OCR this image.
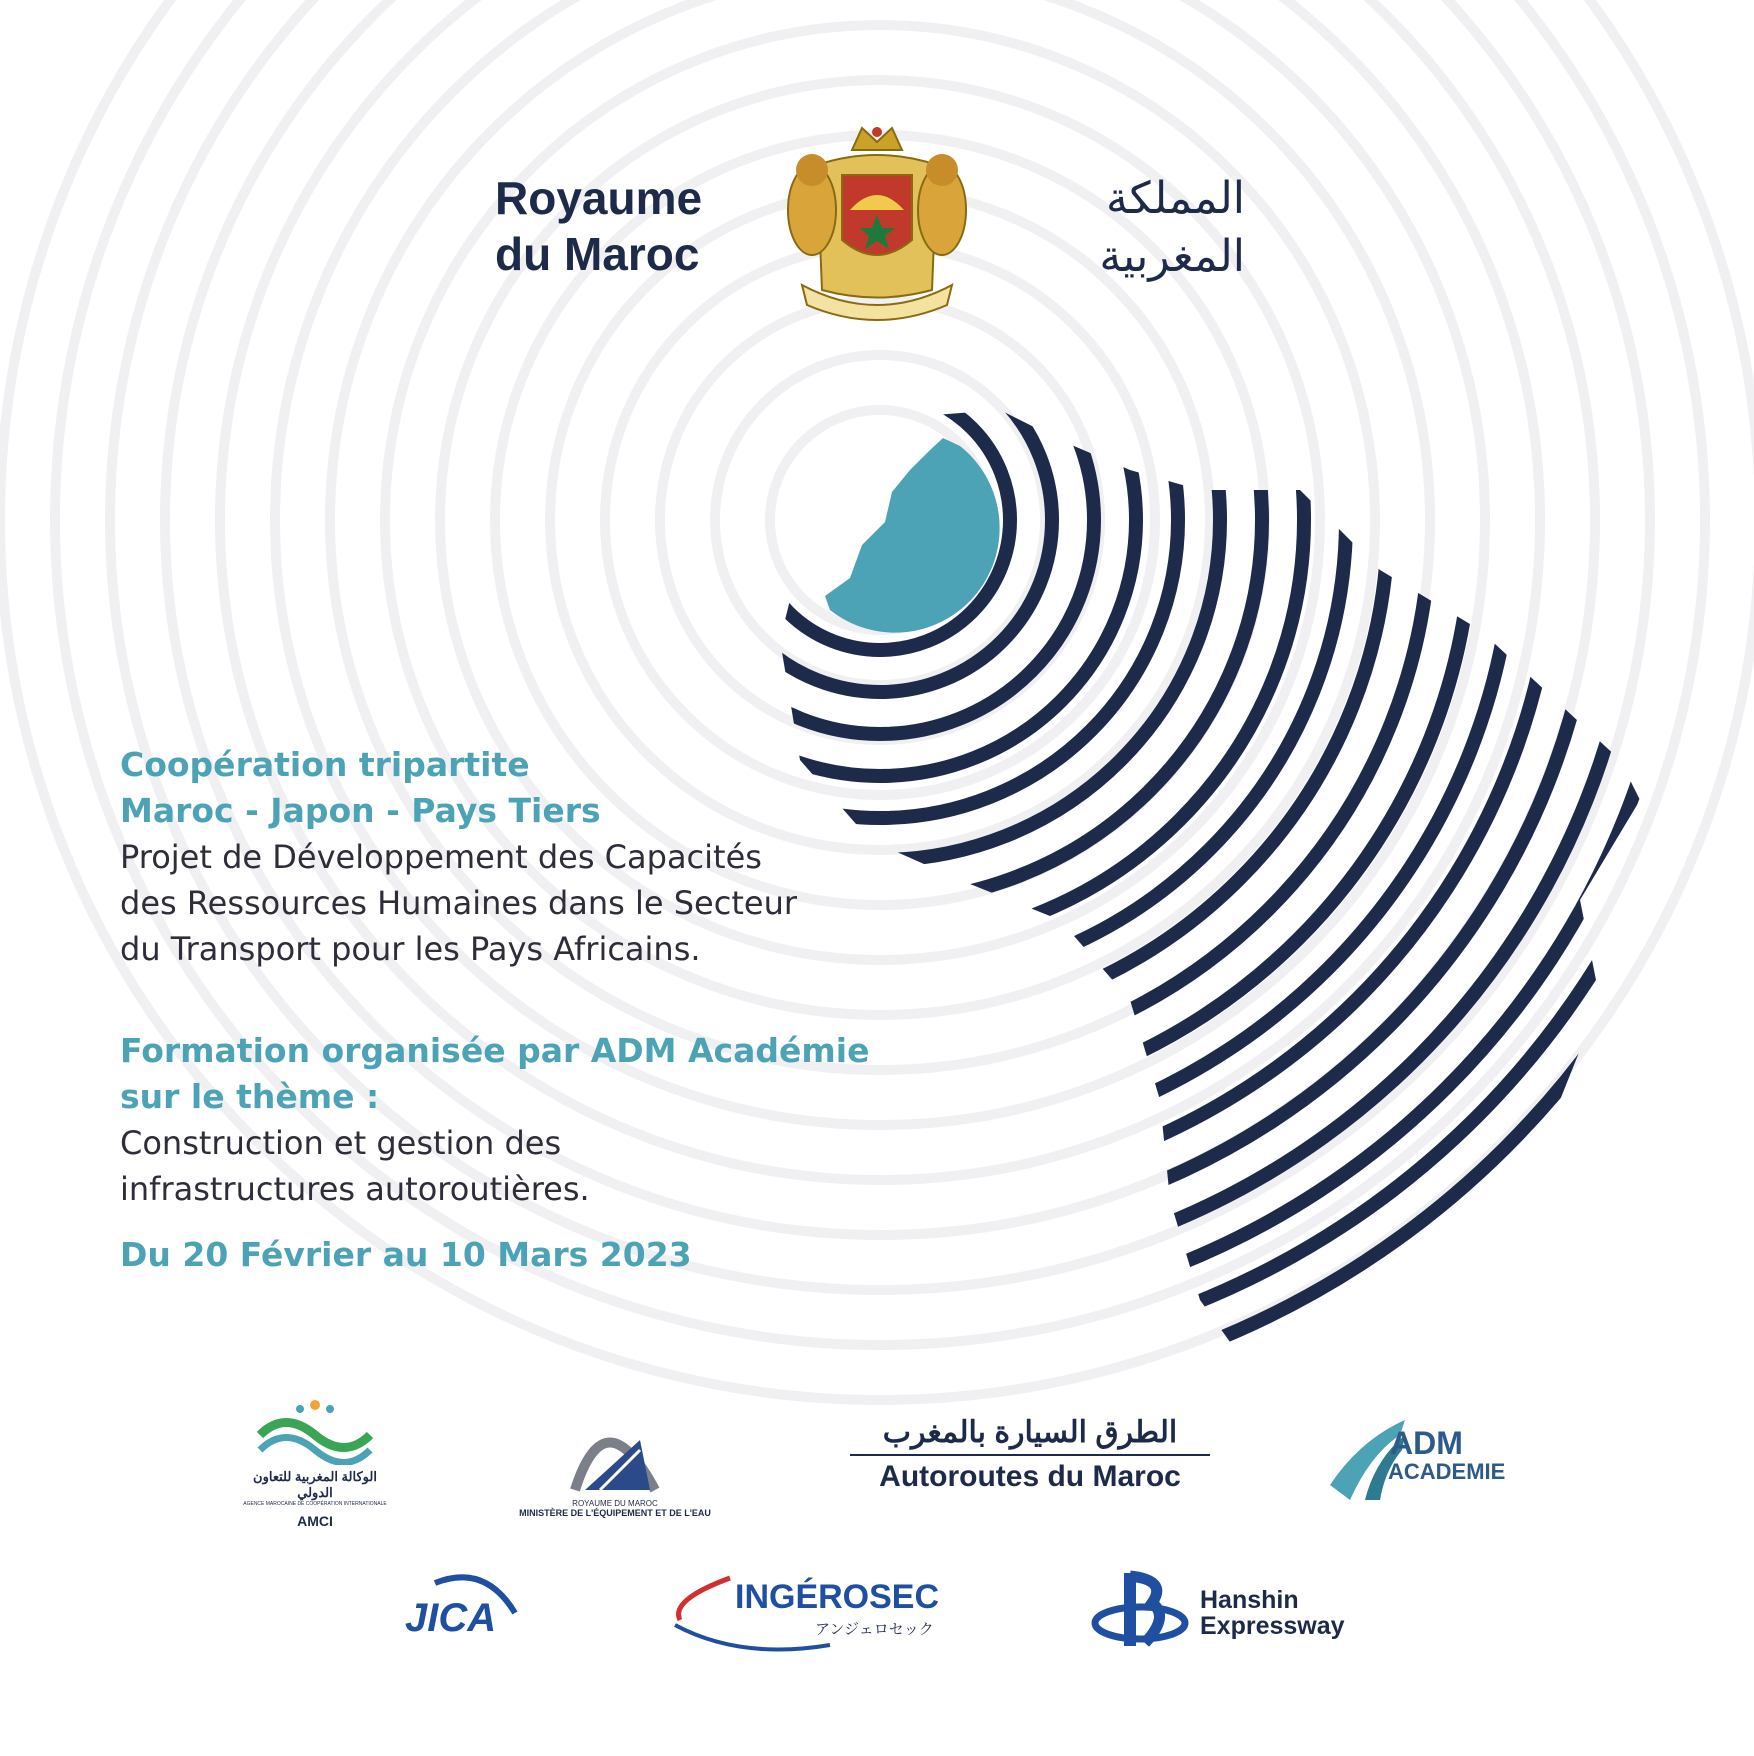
Royaume
du Maroc
المملكة
المغربية
Coopération tripartite
Maroc - Japon - Pays Tiers
Projet de Développement des Capacités
des Ressources Humaines dans le Secteur
du Transport pour les Pays Africains.
Formation organisée par ADM Académie
sur le thème :
Construction et gestion des
infrastructures autoroutières.
Du 20 Février au 10 Mars 2023
الوكالة المغربية للتعاون الدولي
AGENCE MAROCAINE DE COOPÉRATION INTERNATIONALE
AMCI
ROYAUME DU MAROC
MINISTÈRE DE L'ÉQUIPEMENT ET DE L'EAU
الطرق السيارة بالمغرب
Autoroutes du Maroc
ADM
ACADEMIE
JICA	INGÉROSEC
アンジェロセック
Hanshin
Expressway
